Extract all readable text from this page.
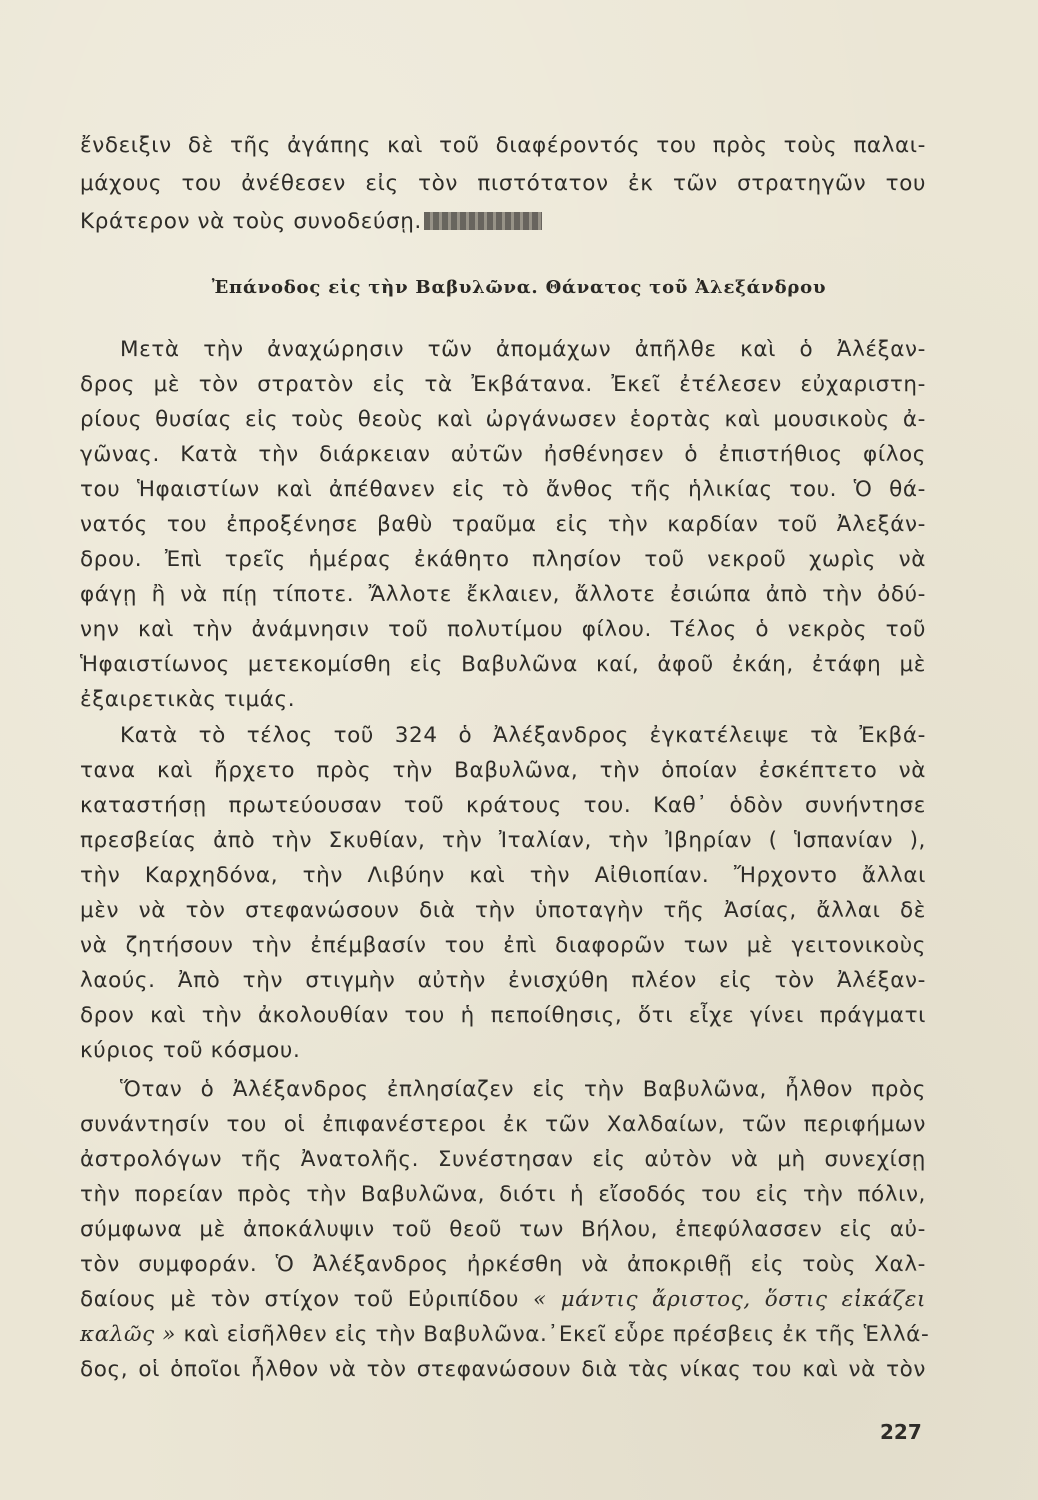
ἔνδειξιν δὲ τῆς ἀγάπης καὶ τοῦ διαφέροντός του πρὸς τοὺς παλαι-
μάχους του ἀνέθεσεν εἰς τὸν πιστότατον ἐκ τῶν στρατηγῶν του
Κράτερον νὰ τοὺς συνοδεύσῃ.
Ἐπάνοδος εἰς τὴν Βαβυλῶνα. Θάνατος τοῦ Ἀλεξάνδρου
Μετὰ τὴν ἀναχώρησιν τῶν ἀπομάχων ἀπῆλθε καὶ ὁ Ἀλέξαν-
δρος μὲ τὸν στρατὸν εἰς τὰ Ἐκβάτανα. Ἐκεῖ ἐτέλεσεν εὐχαριστη-
ρίους θυσίας εἰς τοὺς θεοὺς καὶ ὠργάνωσεν ἑορτὰς καὶ μουσικοὺς ἀ-
γῶνας. Κατὰ τὴν διάρκειαν αὐτῶν ἠσθένησεν ὁ ἐπιστήθιος φίλος
του Ἡφαιστίων καὶ ἀπέθανεν εἰς τὸ ἄνθος τῆς ἡλικίας του. Ὁ θά-
νατός του ἐπροξένησε βαθὺ τραῦμα εἰς τὴν καρδίαν τοῦ Ἀλεξάν-
δρου. Ἐπὶ τρεῖς ἡμέρας ἐκάθητο πλησίον τοῦ νεκροῦ χωρὶς νὰ
φάγῃ ἢ νὰ πίῃ τίποτε. Ἄλλοτε ἔκλαιεν, ἄλλοτε ἐσιώπα ἀπὸ τὴν ὀδύ-
νην καὶ τὴν ἀνάμνησιν τοῦ πολυτίμου φίλου. Τέλος ὁ νεκρὸς τοῦ
Ἡφαιστίωνος μετεκομίσθη εἰς Βαβυλῶνα καί, ἀφοῦ ἐκάη, ἐτάφη μὲ
ἐξαιρετικὰς τιμάς.
Κατὰ τὸ τέλος τοῦ 324 ὁ Ἀλέξανδρος ἐγκατέλειψε τὰ Ἐκβά-
τανα καὶ ἤρχετο πρὸς τὴν Βαβυλῶνα, τὴν ὁποίαν ἐσκέπτετο νὰ
καταστήσῃ πρωτεύουσαν τοῦ κράτους του. Καθ᾽ ὁδὸν συνήντησε
πρεσβείας ἀπὸ τὴν Σκυθίαν, τὴν Ἰταλίαν, τὴν Ἰβηρίαν ( Ἱσπανίαν ),
τὴν Καρχηδόνα, τὴν Λιβύην καὶ τὴν Αἰθιοπίαν. Ἤρχοντο ἄλλαι
μὲν νὰ τὸν στεφανώσουν διὰ τὴν ὑποταγὴν τῆς Ἀσίας, ἄλλαι δὲ
νὰ ζητήσουν τὴν ἐπέμβασίν του ἐπὶ διαφορῶν των μὲ γειτονικοὺς
λαούς. Ἀπὸ τὴν στιγμὴν αὐτὴν ἐνισχύθη πλέον εἰς τὸν Ἀλέξαν-
δρον καὶ τὴν ἀκολουθίαν του ἡ πεποίθησις, ὅτι εἶχε γίνει πράγματι
κύριος τοῦ κόσμου.
Ὅταν ὁ Ἀλέξανδρος ἐπλησίαζεν εἰς τὴν Βαβυλῶνα, ἦλθον πρὸς
συνάντησίν του οἱ ἐπιφανέστεροι ἐκ τῶν Χαλδαίων, τῶν περιφήμων
ἀστρολόγων τῆς Ἀνατολῆς. Συνέστησαν εἰς αὐτὸν νὰ μὴ συνεχίσῃ
τὴν πορείαν πρὸς τὴν Βαβυλῶνα, διότι ἡ εἴσοδός του εἰς τὴν πόλιν,
σύμφωνα μὲ ἀποκάλυψιν τοῦ θεοῦ των Βήλου, ἐπεφύλασσεν εἰς αὐ-
τὸν συμφοράν. Ὁ Ἀλέξανδρος ἠρκέσθη νὰ ἀποκριθῇ εἰς τοὺς Χαλ-
δαίους μὲ τὸν στίχον τοῦ Εὐριπίδου « μάντις ἄριστος, ὅστις εἰκάζει
καλῶς » καὶ εἰσῆλθεν εἰς τὴν Βαβυλῶνα.᾽Εκεῖ εὗρε πρέσβεις ἐκ τῆς Ἑλλά-
δος, οἱ ὁποῖοι ἦλθον νὰ τὸν στεφανώσουν διὰ τὰς νίκας του καὶ νὰ τὸν
227
